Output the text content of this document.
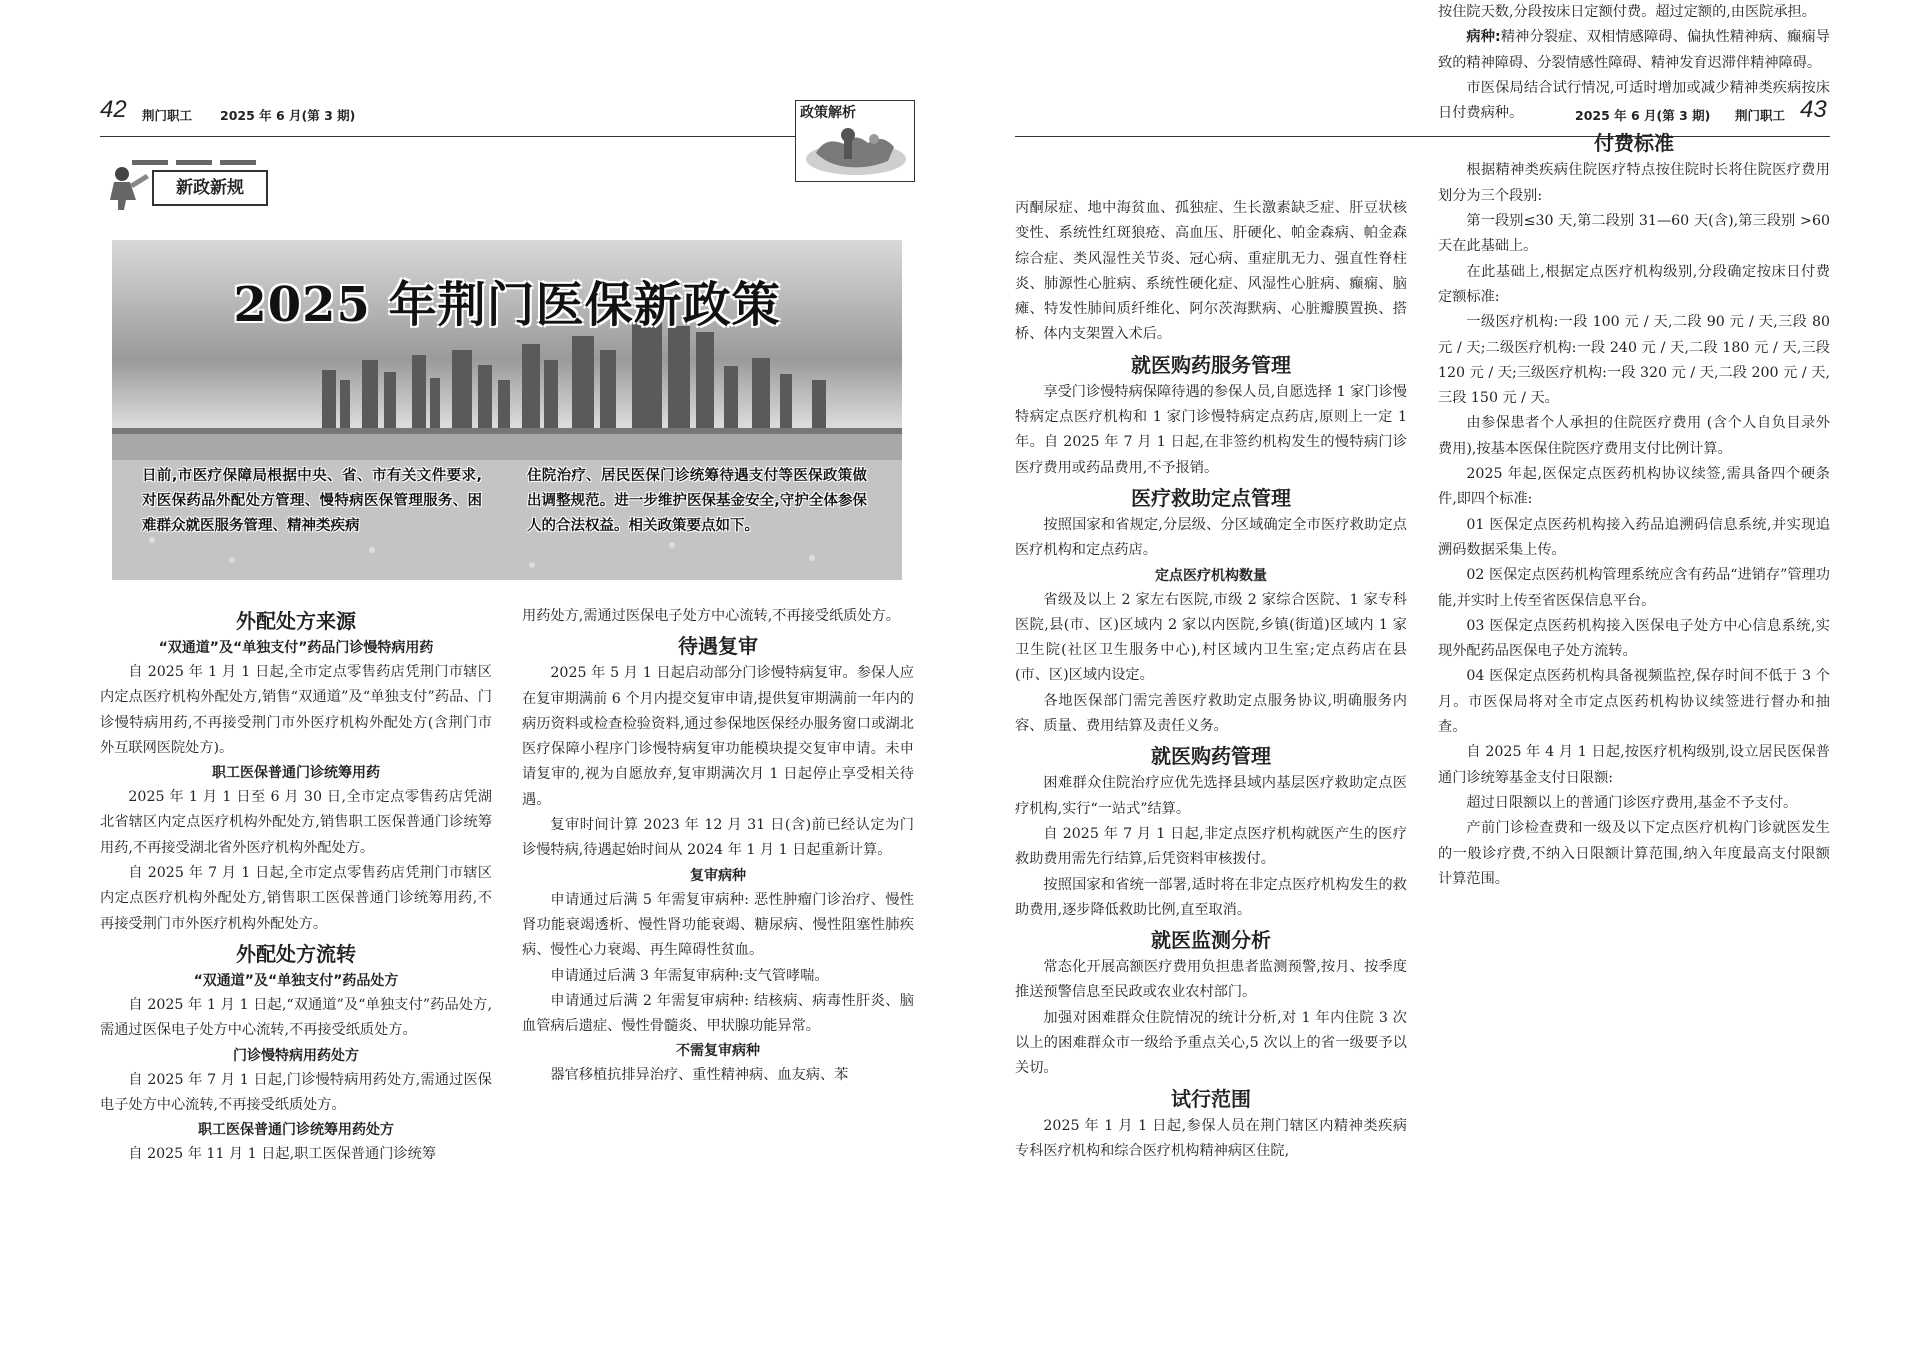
42 荆门职工 2025 年 6 月(第 3 期)	政策解析	2025 年 6 月(第 3 期) 荆门职工 43
新政新规
2025 年荆门医保新政策
日前,市医疗保障局根据中央、省、市有关文件要求,对医保药品外配处方管理、慢特病医保管理服务、困难群众就医服务管理、精神类疾病
住院治疗、居民医保门诊统筹待遇支付等医保政策做出调整规范。进一步维护医保基金安全,守护全体参保人的合法权益。相关政策要点如下。
外配处方来源
“双通道”及“单独支付”药品门诊慢特病用药

自 2025 年 1 月 1 日起,全市定点零售药店凭荆门市辖区内定点医疗机构外配处方,销售“双通道”及“单独支付”药品、门诊慢特病用药,不再接受荆门市外医疗机构外配处方(含荆门市外互联网医院处方)。

职工医保普通门诊统筹用药

2025 年 1 月 1 日至 6 月 30 日,全市定点零售药店凭湖北省辖区内定点医疗机构外配处方,销售职工医保普通门诊统筹用药,不再接受湖北省外医疗机构外配处方。

自 2025 年 7 月 1 日起,全市定点零售药店凭荆门市辖区内定点医疗机构外配处方,销售职工医保普通门诊统筹用药,不再接受荆门市外医疗机构外配处方。

外配处方流转
“双通道”及“单独支付”药品处方

自 2025 年 1 月 1 日起,“双通道”及“单独支付”药品处方,需通过医保电子处方中心流转,不再接受纸质处方。

门诊慢特病用药处方

自 2025 年 7 月 1 日起,门诊慢特病用药处方,需通过医保电子处方中心流转,不再接受纸质处方。

职工医保普通门诊统筹用药处方

自 2025 年 11 月 1 日起,职工医保普通门诊统筹

用药处方,需通过医保电子处方中心流转,不再接受纸质处方。

待遇复审

2025 年 5 月 1 日起启动部分门诊慢特病复审。参保人应在复审期满前 6 个月内提交复审申请,提供复审期满前一年内的病历资料或检查检验资料,通过参保地医保经办服务窗口或湖北医疗保障小程序门诊慢特病复审功能模块提交复审申请。未申请复审的,视为自愿放弃,复审期满次月 1 日起停止享受相关待遇。

复审时间计算 2023 年 12 月 31 日(含)前已经认定为门诊慢特病,待遇起始时间从 2024 年 1 月 1 日起重新计算。

复审病种

申请通过后满 5 年需复审病种: 恶性肿瘤门诊治疗、慢性肾功能衰竭透析、慢性肾功能衰竭、糖尿病、慢性阻塞性肺疾病、慢性心力衰竭、再生障碍性贫血。

申请通过后满 3 年需复审病种:支气管哮喘。

申请通过后满 2 年需复审病种: 结核病、病毒性肝炎、脑血管病后遗症、慢性骨髓炎、甲状腺功能异常。

不需复审病种

器官移植抗排异治疗、重性精神病、血友病、苯

丙酮尿症、地中海贫血、孤独症、生长激素缺乏症、肝豆状核变性、系统性红斑狼疮、高血压、肝硬化、帕金森病、帕金森综合症、类风湿性关节炎、冠心病、重症肌无力、强直性脊柱炎、肺源性心脏病、系统性硬化症、风湿性心脏病、癫痫、脑瘫、特发性肺间质纤维化、阿尔茨海默病、心脏瓣膜置换、搭桥、体内支架置入术后。

就医购药服务管理

享受门诊慢特病保障待遇的参保人员,自愿选择 1 家门诊慢特病定点医疗机构和 1 家门诊慢特病定点药店,原则上一定 1 年。自 2025 年 7 月 1 日起,在非签约机构发生的慢特病门诊医疗费用或药品费用,不予报销。

医疗救助定点管理

按照国家和省规定,分层级、分区域确定全市医疗救助定点医疗机构和定点药店。

定点医疗机构数量

省级及以上 2 家左右医院,市级 2 家综合医院、1 家专科医院,县(市、区)区域内 2 家以内医院,乡镇(街道)区域内 1 家卫生院(社区卫生服务中心),村区域内卫生室;定点药店在县(市、区)区域内设定。

各地医保部门需完善医疗救助定点服务协议,明确服务内容、质量、费用结算及责任义务。

就医购药管理

困难群众住院治疗应优先选择县域内基层医疗救助定点医疗机构,实行“一站式”结算。

自 2025 年 7 月 1 日起,非定点医疗机构就医产生的医疗救助费用需先行结算,后凭资料审核拨付。

按照国家和省统一部署,适时将在非定点医疗机构发生的救助费用,逐步降低救助比例,直至取消。

就医监测分析

常态化开展高额医疗费用负担患者监测预警,按月、按季度推送预警信息至民政或农业农村部门。

加强对困难群众住院情况的统计分析,对 1 年内住院 3 次以上的困难群众市一级给予重点关心,5 次以上的省一级要予以关切。

试行范围

2025 年 1 月 1 日起,参保人员在荆门辖区内精神类疾病专科医疗机构和综合医疗机构精神病区住院,

按住院天数,分段按床日定额付费。超过定额的,由医院承担。

病种:精神分裂症、双相情感障碍、偏执性精神病、癫痫导致的精神障碍、分裂情感性障碍、精神发育迟滞伴精神障碍。

市医保局结合试行情况,可适时增加或减少精神类疾病按床日付费病种。

付费标准

根据精神类疾病住院医疗特点按住院时长将住院医疗费用划分为三个段别:

第一段别≤30 天,第二段别 31—60 天(含),第三段别 >60 天在此基础上。

在此基础上,根据定点医疗机构级别,分段确定按床日付费定额标准:

一级医疗机构:一段 100 元 / 天,二段 90 元 / 天,三段 80 元 / 天;二级医疗机构:一段 240 元 / 天,二段 180 元 / 天,三段 120 元 / 天;三级医疗机构:一段 320 元 / 天,二段 200 元 / 天,三段 150 元 / 天。

由参保患者个人承担的住院医疗费用 (含个人自负目录外费用),按基本医保住院医疗费用支付比例计算。

2025 年起,医保定点医药机构协议续签,需具备四个硬条件,即四个标准:

01 医保定点医药机构接入药品追溯码信息系统,并实现追溯码数据采集上传。

02 医保定点医药机构管理系统应含有药品“进销存”管理功能,并实时上传至省医保信息平台。

03 医保定点医药机构接入医保电子处方中心信息系统,实现外配药品医保电子处方流转。

04 医保定点医药机构具备视频监控,保存时间不低于 3 个月。市医保局将对全市定点医药机构协议续签进行督办和抽查。

自 2025 年 4 月 1 日起,按医疗机构级别,设立居民医保普通门诊统筹基金支付日限额:

超过日限额以上的普通门诊医疗费用,基金不予支付。

产前门诊检查费和一级及以下定点医疗机构门诊就医发生的一般诊疗费,不纳入日限额计算范围,纳入年度最高支付限额计算范围。
